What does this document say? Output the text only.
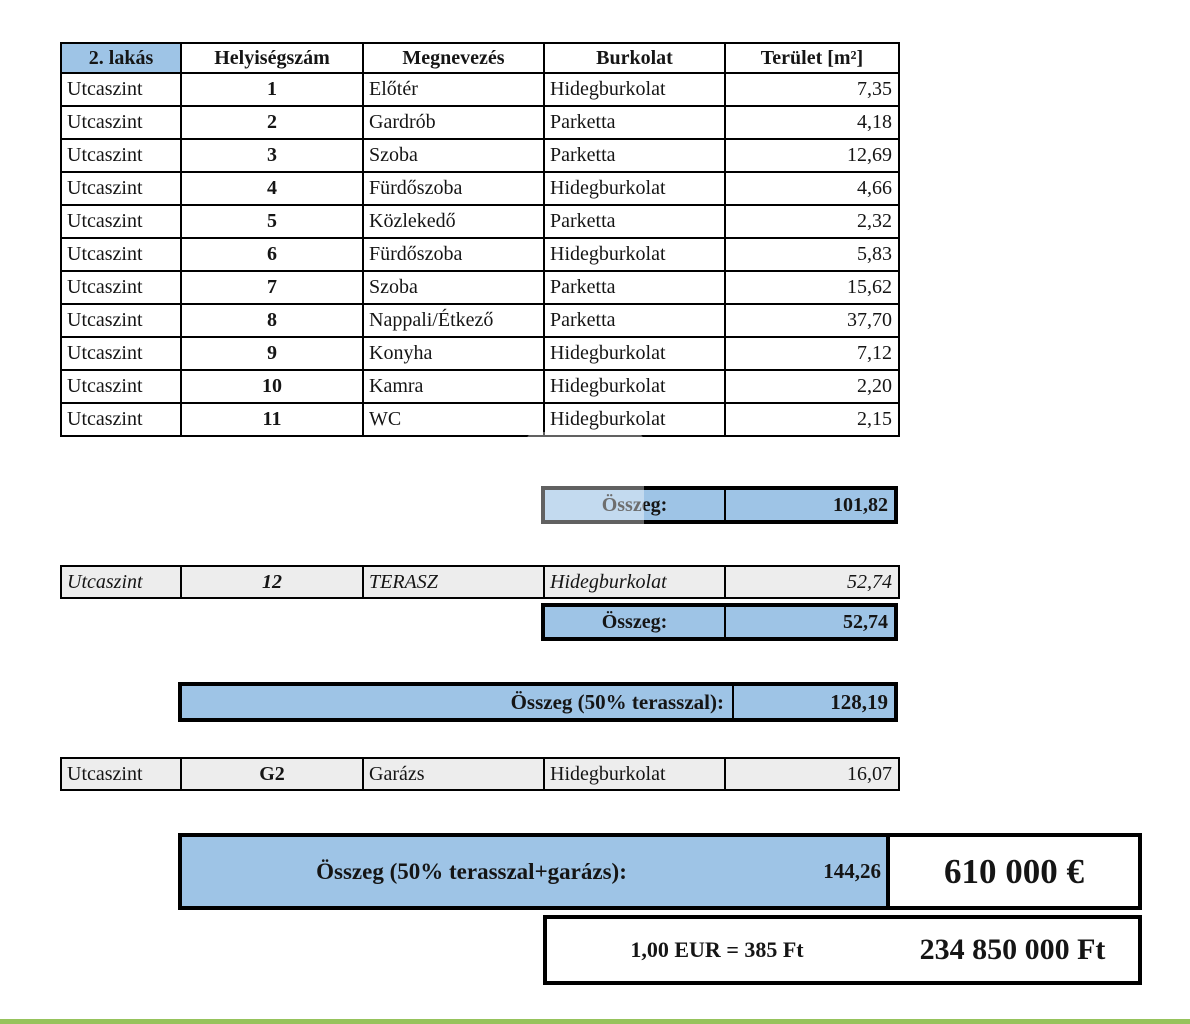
2. lakás	Helyiségszám	Megnevezés	Burkolat	Terület [m²]
Utcaszint	1	Előtér	Hidegburkolat	7,35
Utcaszint	2	Gardrób	Parketta	4,18
Utcaszint	3	Szoba	Parketta	12,69
Utcaszint	4	Fürdőszoba	Hidegburkolat	4,66
Utcaszint	5	Közlekedő	Parketta	2,32
Utcaszint	6	Fürdőszoba	Hidegburkolat	5,83
Utcaszint	7	Szoba	Parketta	15,62
Utcaszint	8	Nappali/Étkező	Parketta	37,70
Utcaszint	9	Konyha	Hidegburkolat	7,12
Utcaszint	10	Kamra	Hidegburkolat	2,20
Utcaszint	11	WC	Hidegburkolat	2,15
Összeg:	101,82
Utcaszint	12	TERASZ	Hidegburkolat	52,74
Összeg:	52,74
Összeg (50% terasszal):	128,19
Utcaszint	G2	Garázs	Hidegburkolat	16,07
Összeg (50% terasszal+garázs):	144,26	610 000 €
1,00 EUR = 385 Ft	234 850 000 Ft
